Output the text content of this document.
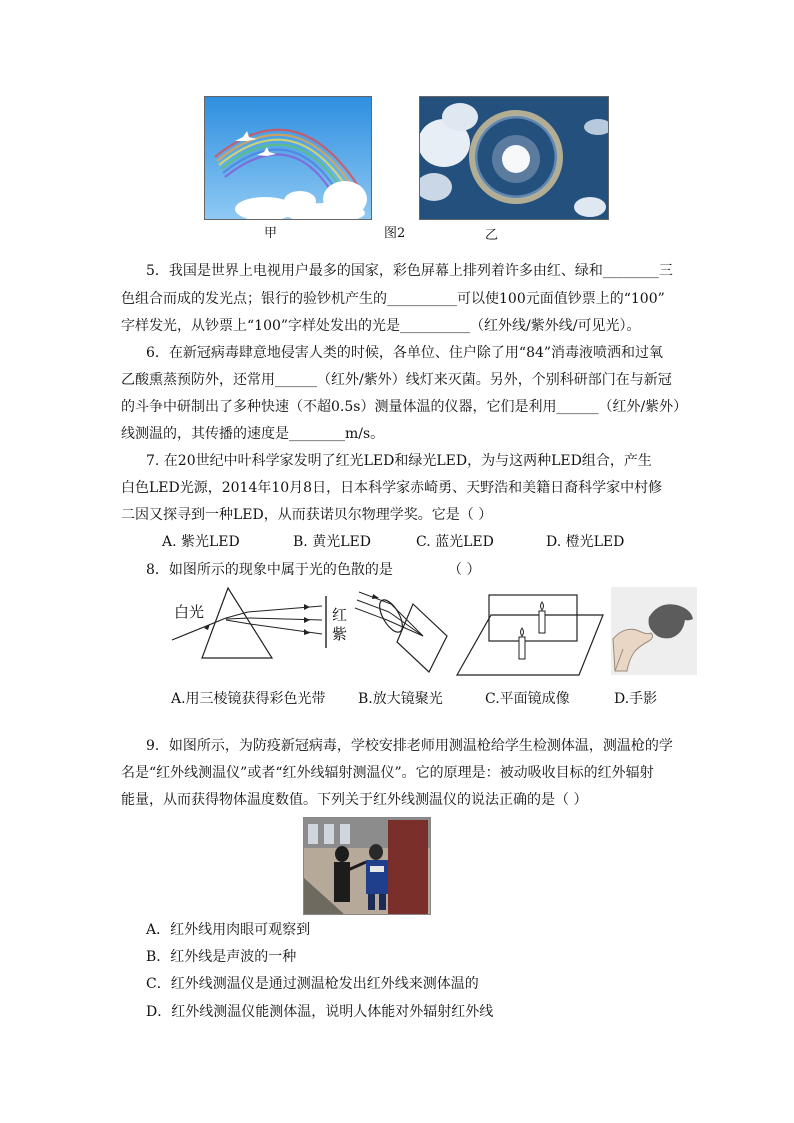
甲	图2	乙
5．我国是世界上电视用户最多的国家，彩色屏幕上排列着许多由红、绿和________三
色组合而成的发光点；银行的验钞机产生的__________可以使100元面值钞票上的“100”
字样发光，从钞票上“100”字样处发出的光是__________（红外线/紫外线/可见光）。
6．在新冠病毒肆意地侵害人类的时候，各单位、住户除了用“84”消毒液喷洒和过氧
乙酸熏蒸预防外，还常用______（红外/紫外）线灯来灭菌。另外，个别科研部门在与新冠
的斗争中研制出了多种快速（不超0.5s）测量体温的仪器，它们是利用______（红外/紫外）
线测温的，其传播的速度是________m/s。
7. 在20世纪中叶科学家发明了红光LED和绿光LED，为与这两种LED组合，产生
白色LED光源，2014年10月8日，日本科学家赤崎勇、天野浩和美籍日裔科学家中村修
二因又探寻到一种LED，从而获诺贝尔物理学奖。它是（ ）
A. 紫光LED	B. 黄光LED	C. 蓝光LED	D. 橙光LED
8．如图所示的现象中属于光的色散的是	（ ）
白光	红
紫
A.用三棱镜获得彩色光带 B.放大镜聚光	C.平面镜成像	D.手影
9．如图所示，为防疫新冠病毒，学校安排老师用测温枪给学生检测体温，测温枪的学
名是“红外线测温仪”或者“红外线辐射测温仪”。它的原理是：被动吸收目标的红外辐射
能量，从而获得物体温度数值。下列关于红外线测温仪的说法正确的是（ ）
A．红外线用肉眼可观察到
B．红外线是声波的一种
C．红外线测温仪是通过测温枪发出红外线来测体温的
D．红外线测温仪能测体温，说明人体能对外辐射红外线
